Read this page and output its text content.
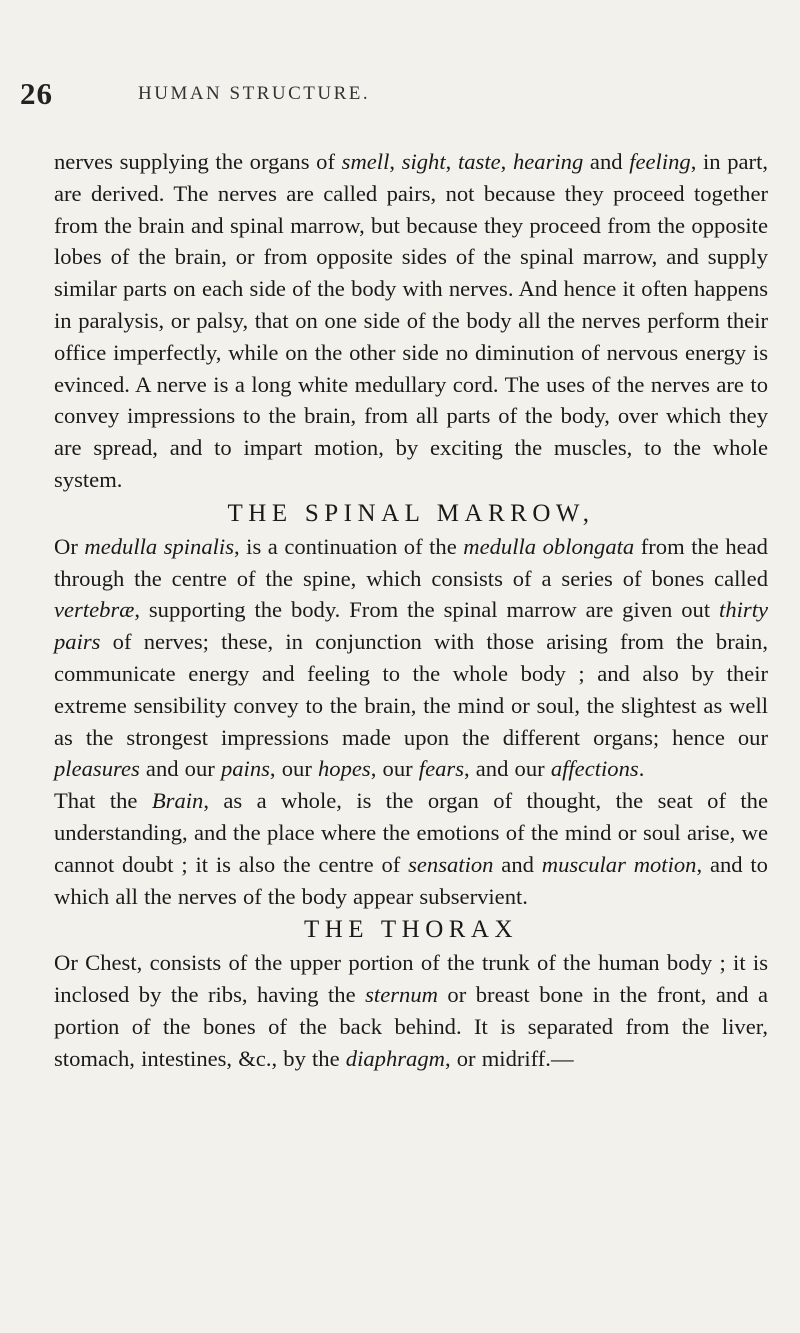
26	HUMAN STRUCTURE.

nerves supplying the organs of smell, sight, taste, hearing and feeling, in part, are derived. The nerves are called pairs, not because they proceed together from the brain and spinal marrow, but because they proceed from the opposite lobes of the brain, or from opposite sides of the spinal marrow, and supply similar parts on each side of the body with nerves. And hence it often happens in paralysis, or palsy, that on one side of the body all the nerves perform their office imperfectly, while on the other side no diminution of nervous energy is evinced. A nerve is a long white medullary cord. The uses of the nerves are to convey impressions to the brain, from all parts of the body, over which they are spread, and to impart motion, by exciting the muscles, to the whole system.

THE SPINAL MARROW,

Or medulla spinalis, is a continuation of the medulla oblongata from the head through the centre of the spine, which consists of a series of bones called vertebræ, supporting the body. From the spinal marrow are given out thirty pairs of nerves; these, in conjunction with those arising from the brain, communicate energy and feeling to the whole body ; and also by their extreme sensibility convey to the brain, the mind or soul, the slightest as well as the strongest impressions made upon the different organs; hence our pleasures and our pains, our hopes, our fears, and our affections.

That the Brain, as a whole, is the organ of thought, the seat of the understanding, and the place where the emotions of the mind or soul arise, we cannot doubt ; it is also the centre of sensation and muscular motion, and to which all the nerves of the body appear subservient.

THE THORAX

Or Chest, consists of the upper portion of the trunk of the human body ; it is inclosed by the ribs, having the sternum or breast bone in the front, and a portion of the bones of the back behind. It is separated from the liver, stomach, intestines, &c., by the diaphragm, or midriff.—
